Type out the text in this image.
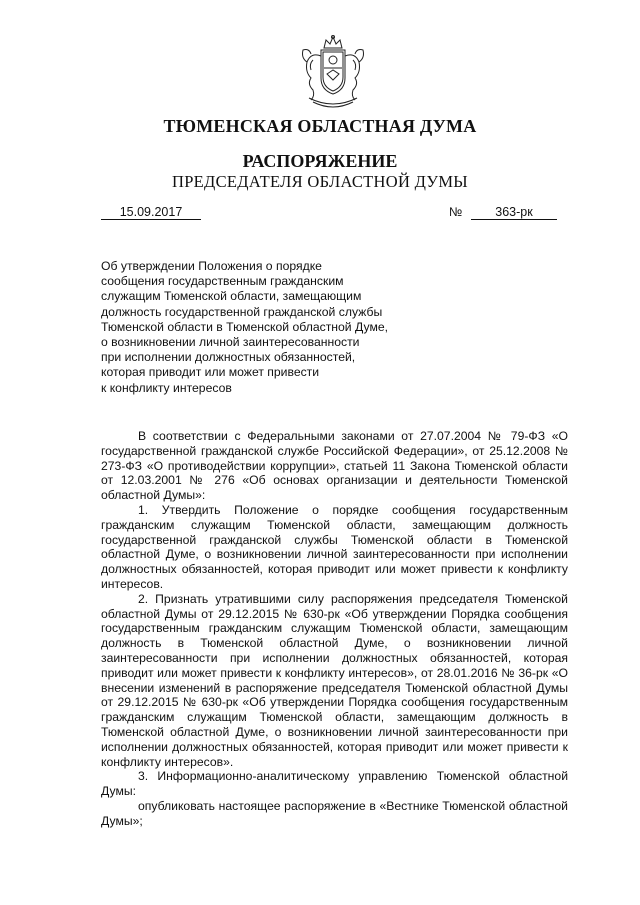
ТЮМЕНСКАЯ ОБЛАСТНАЯ ДУМА
РАСПОРЯЖЕНИЕ
ПРЕДСЕДАТЕЛЯ ОБЛАСТНОЙ ДУМЫ
15.09.2017	№	363-рк
Об утверждении Положения о порядке
сообщения государственным гражданским
служащим Тюменской области, замещающим
должность государственной гражданской службы
Тюменской области в Тюменской областной Думе,
о возникновении личной заинтересованности
при исполнении должностных обязанностей,
которая приводит или может привести
к конфликту интересов

В соответствии с Федеральными законами от 27.07.2004 № 79-ФЗ «О государственной гражданской службе Российской Федерации», от 25.12.2008 № 273-ФЗ «О противодействии коррупции», статьей 11 Закона Тюменской области от 12.03.2001 № 276 «Об основах организации и деятельности Тюменской областной Думы»:

1. Утвердить Положение о порядке сообщения государственным гражданским служащим Тюменской области, замещающим должность государственной гражданской службы Тюменской области в Тюменской областной Думе, о возникновении личной заинтересованности при исполнении должностных обязанностей, которая приводит или может привести к конфликту интересов.

2. Признать утратившими силу распоряжения председателя Тюменской областной Думы от 29.12.2015 № 630-рк «Об утверждении Порядка сообщения государственным гражданским служащим Тюменской области, замещающим должность в Тюменской областной Думе, о возникновении личной заинтересованности при исполнении должностных обязанностей, которая приводит или может привести к конфликту интересов», от 28.01.2016 № 36-рк «О внесении изменений в распоряжение председателя Тюменской областной Думы от 29.12.2015 № 630-рк «Об утверждении Порядка сообщения государственным гражданским служащим Тюменской области, замещающим должность в Тюменской областной Думе, о возникновении личной заинтересованности при исполнении должностных обязанностей, которая приводит или может привести к конфликту интересов».

3. Информационно-аналитическому управлению Тюменской областной Думы:

опубликовать настоящее распоряжение в «Вестнике Тюменской областной Думы»;
